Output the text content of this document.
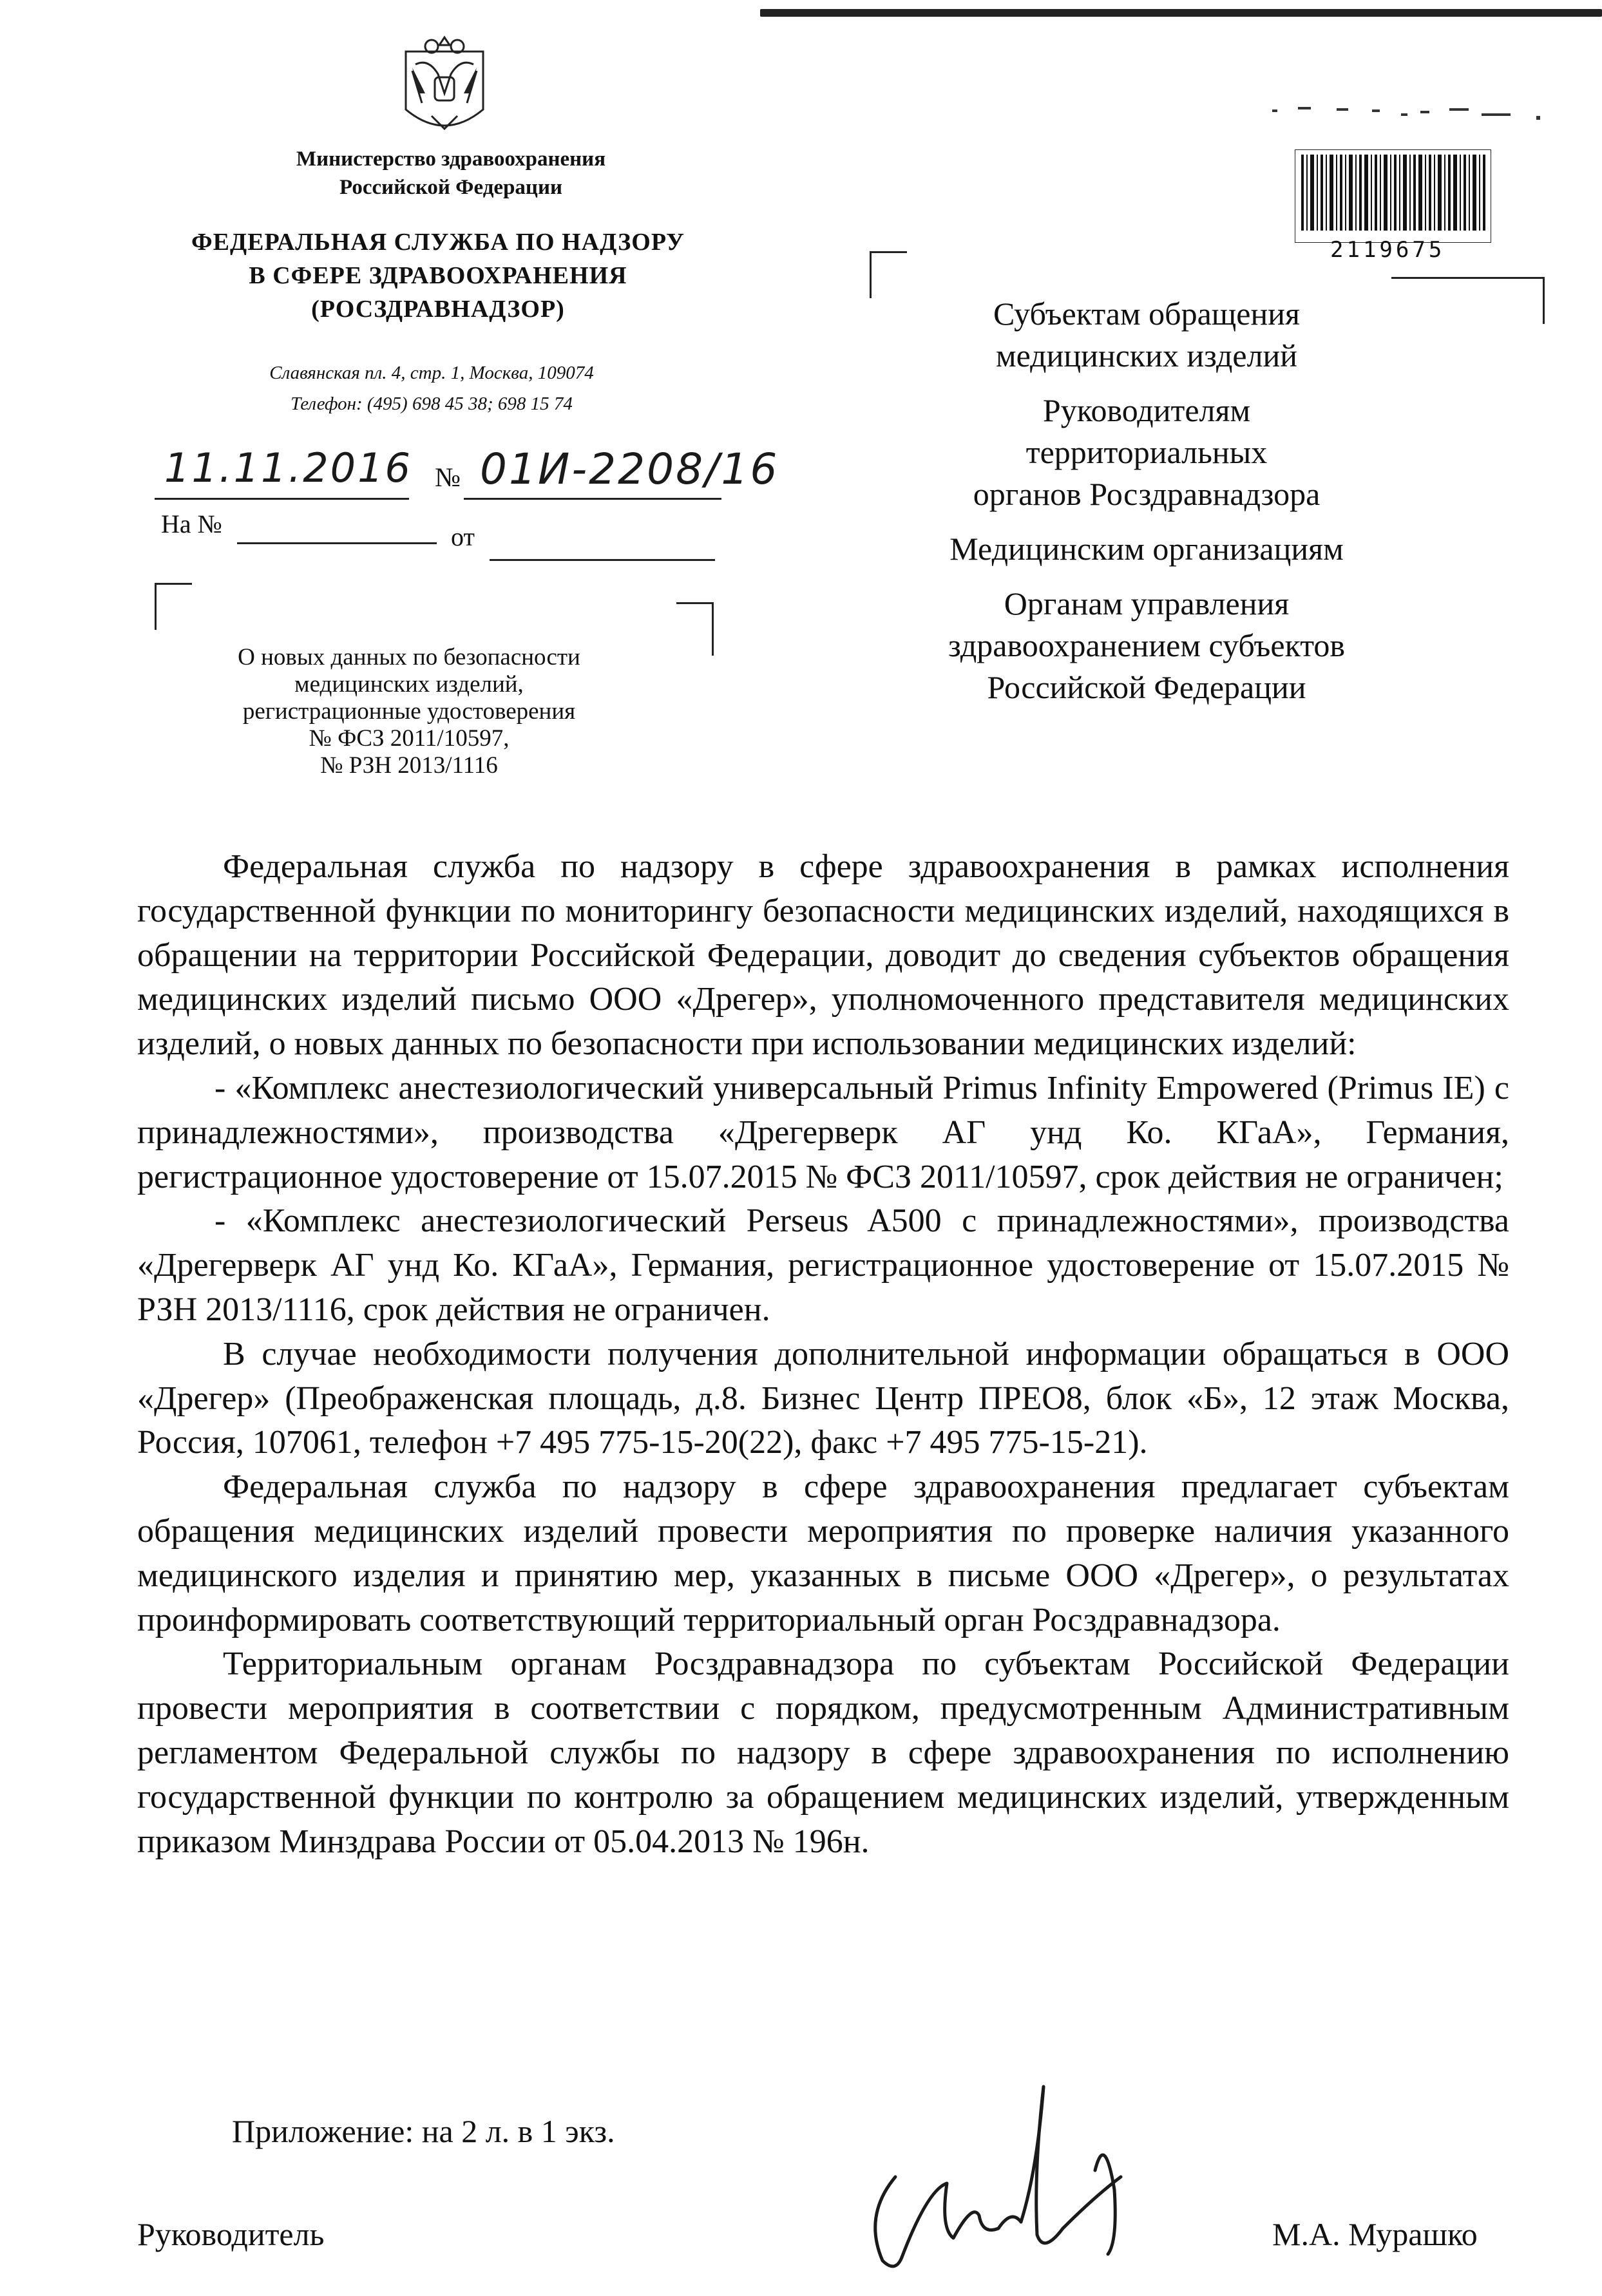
Министерство здравоохранения
Российской Федерации
ФЕДЕРАЛЬНАЯ СЛУЖБА ПО НАДЗОРУ
В СФЕРЕ ЗДРАВООХРАНЕНИЯ
(РОСЗДРАВНАДЗОР)
Славянская пл. 4, стр. 1, Москва, 109074
Телефон: (495) 698 45 38; 698 15 74
11.11.2016 № 01И-2208/16
На №	от
О новых данных по безопасности
медицинских изделий,
регистрационные удостоверения
№ ФСЗ 2011/10597,
№ РЗН 2013/1116
2119675

Субъектам обращения
медицинских изделий

Руководителям
территориальных
органов Росздравнадзора

Медицинским организациям

Органам управления
здравоохранением субъектов
Российской Федерации

Федеральная служба по надзору в сфере здравоохранения в рамках исполнения государственной функции по мониторингу безопасности медицинских изделий, находящихся в обращении на территории Российской Федерации, доводит до сведения субъектов обращения медицинских изделий письмо ООО «Дрегер», уполномоченного представителя медицинских изделий, о новых данных по безопасности при использовании медицинских изделий:

- «Комплекс анестезиологический универсальный Primus Infinity Empowered (Primus IE) с принадлежностями», производства «Дрегерверк АГ унд Ко. КГаА», Германия, регистрационное удостоверение от 15.07.2015 № ФСЗ 2011/10597, срок действия не ограничен;

- «Комплекс анестезиологический Perseus A500 с принадлежностями», производства «Дрегерверк АГ унд Ко. КГаА», Германия, регистрационное удостоверение от 15.07.2015 № РЗН 2013/1116, срок действия не ограничен.

В случае необходимости получения дополнительной информации обращаться в ООО «Дрегер» (Преображенская площадь, д.8. Бизнес Центр ПРЕО8, блок «Б», 12 этаж Москва, Россия, 107061, телефон +7 495 775-15-20(22), факс +7 495 775-15-21).

Федеральная служба по надзору в сфере здравоохранения предлагает субъектам обращения медицинских изделий провести мероприятия по проверке наличия указанного медицинского изделия и принятию мер, указанных в письме ООО «Дрегер», о результатах проинформировать соответствующий территориальный орган Росздравнадзора.

Территориальным органам Росздравнадзора по субъектам Российской Федерации провести мероприятия в соответствии с порядком, предусмотренным Административным регламентом Федеральной службы по надзору в сфере здравоохранения по исполнению государственной функции по контролю за обращением медицинских изделий, утвержденным приказом Минздрава России от 05.04.2013 № 196н.

Приложение: на 2 л. в 1 экз.
Руководитель	М.А. Мурашко
